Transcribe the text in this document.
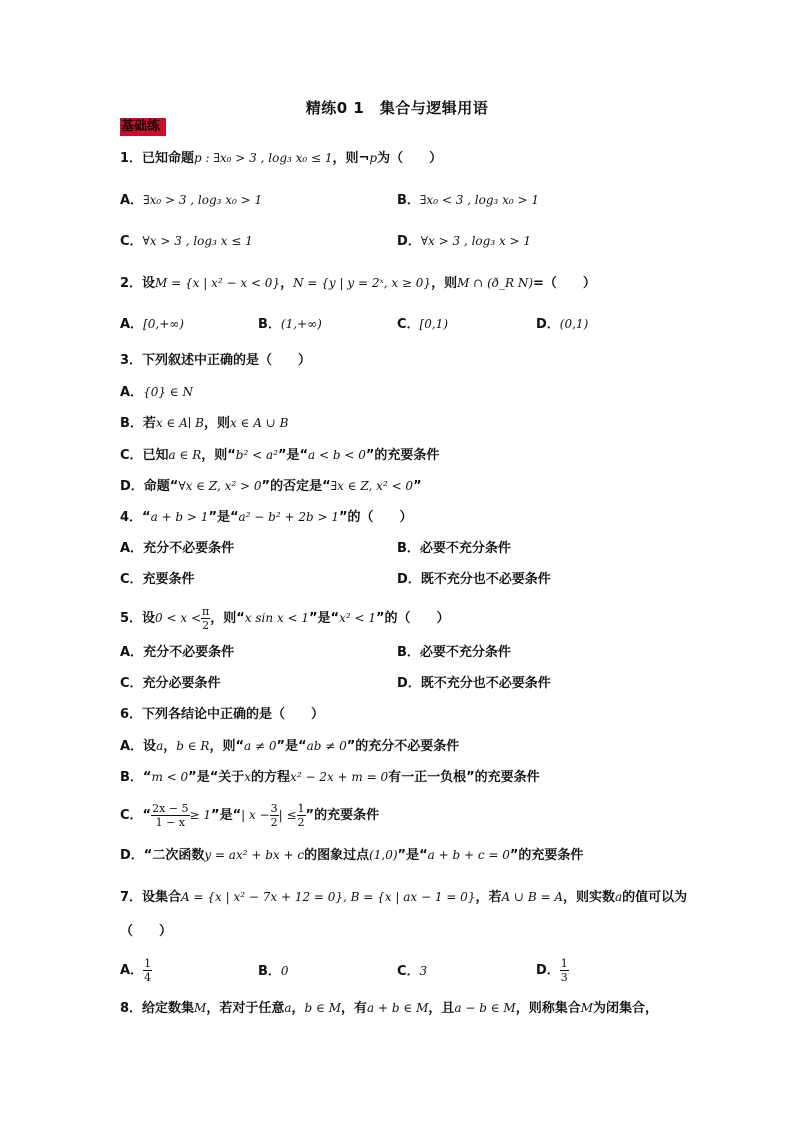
精练0 1　集合与逻辑用语
基础练
1．已知命题p : ∃x₀ > 3 , log₃ x₀ ≤ 1，则¬p为（　　）
A．∃x₀ > 3 , log₃ x₀ > 1	B．∃x₀ < 3 , log₃ x₀ > 1
C．∀x > 3 , log₃ x ≤ 1	D．∀x > 3 , log₃ x > 1
2．设M = {x | x² − x < 0}，N = {y | y = 2ˣ, x ≥ 0}，则M ∩ (ð_R N)=（　　）
A．[0,+∞)	B．(1,+∞)	C．[0,1)	D．(0,1)
3．下列叙述中正确的是（　　）
A．{0} ∈ N
B．若x ∈ A∣ B，则x ∈ A ∪ B
C．已知a ∈ R，则“b² < a²”是“a < b < 0”的充要条件
D．命题“∀x ∈ Z, x² > 0”的否定是“∃x ∈ Z, x² < 0”
4．“a + b > 1”是“a² − b² + 2b > 1”的（　　）
A．充分不必要条件	B．必要不充分条件
C．充要条件	D．既不充分也不必要条件
5．设$0 < x < \frac{\pi}{2}$ ，则“x sin x < 1”是“x² < 1”的（　　）
A．充分不必要条件	B．必要不充分条件
C．充分必要条件	D．既不充分也不必要条件
6．下列各结论中正确的是（　　）
A．设a，b ∈ R，则“a ≠ 0”是“ab ≠ 0”的充分不必要条件
B．“m < 0”是“关于x的方程x² − 2x + m = 0有一正一负根”的充要条件
C．“ $\frac{2x - 5}{1 - x} \ge 1$”是“| $x - \frac{3}{2}$ | ≤ $\frac{1}{2}$ ”的充要条件
D．“二次函数y = ax² + bx + c的图象过点(1,0)”是“a + b + c = 0”的充要条件
7．设集合A = {x | x² − 7x + 12 = 0}, B = {x | ax − 1 = 0}，若A ∪ B = A，则实数a的值可以为
（　　）
A． $\frac{1}{4}$	B．0	C．3	D． $\frac{1}{3}$
8．给定数集M，若对于任意a，b ∈ M，有a + b ∈ M，且a − b ∈ M，则称集合M为闭集合，
